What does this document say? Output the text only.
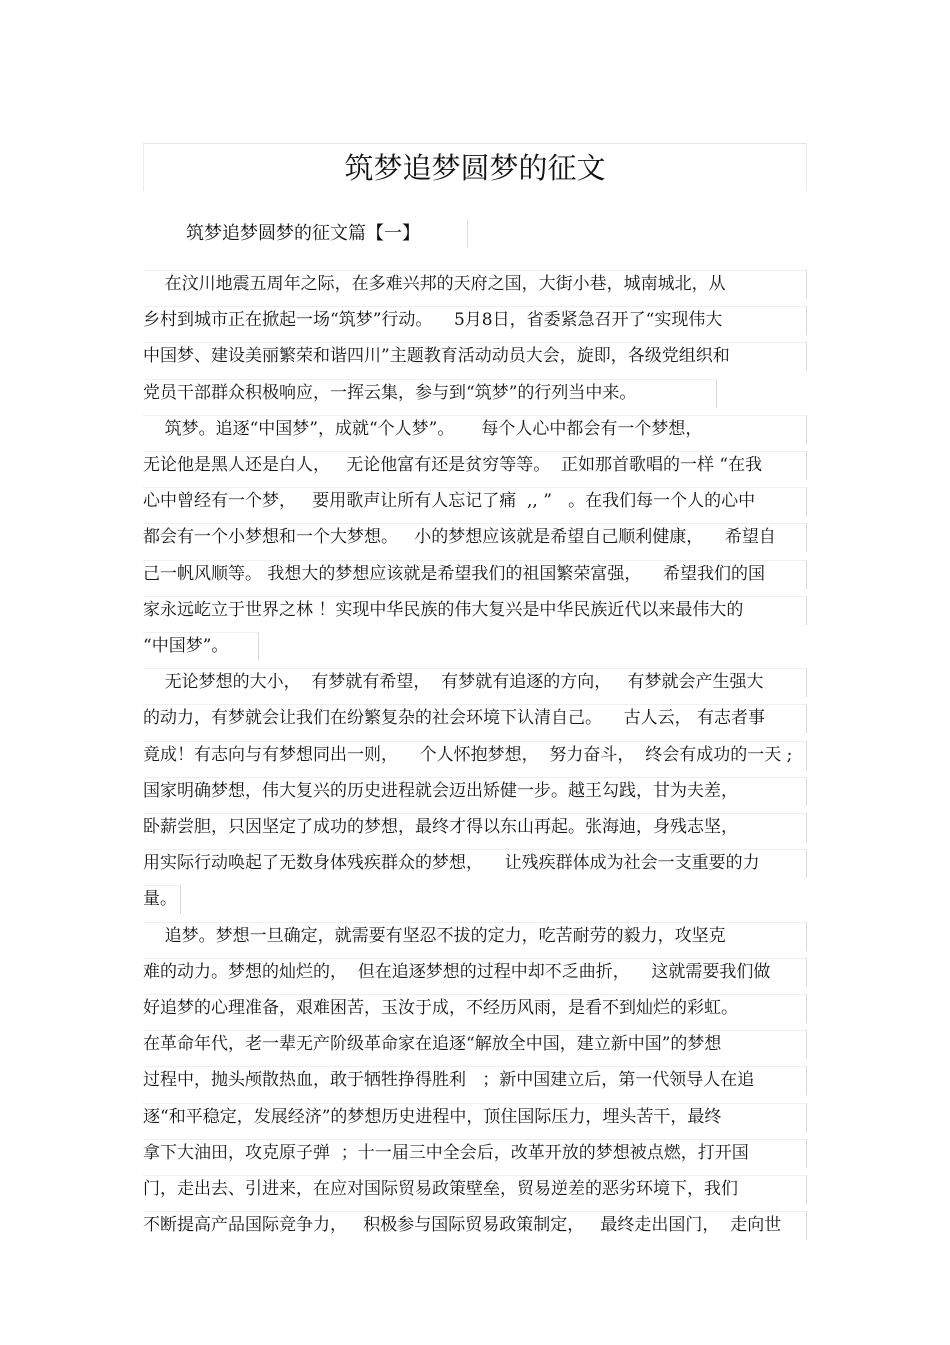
筑梦追梦圆梦的征文
筑梦追梦圆梦的征文篇【一】
在汶川地震五周年之际，在多难兴邦的天府之国，大街小巷，城南城北，从
乡村到城市正在掀起一场“筑梦”行动。    5月8日，省委紧急召开了“实现伟大
中国梦、建设美丽繁荣和谐四川”主题教育活动动员大会，旋即，各级党组织和
党员干部群众积极响应，一挥云集，参与到“筑梦”的行列当中来。
筑梦。追逐“中国梦”，成就“个人梦”。     每个人心中都会有一个梦想，
无论他是黑人还是白人，   无论他富有还是贫穷等等。  正如那首歌唱的一样 “在我
心中曾经有一个梦，   要用歌声让所有人忘记了痛  ,, ”   。在我们每一个人的心中
都会有一个小梦想和一个大梦想。   小的梦想应该就是希望自己顺利健康，    希望自
己一帆风顺等。 我想大的梦想应该就是希望我们的祖国繁荣富强，    希望我们的国
家永远屹立于世界之林 ！实现中华民族的伟大复兴是中华民族近代以来最伟大的
“中国梦”。
无论梦想的大小，  有梦就有希望，  有梦就有追逐的方向，   有梦就会产生强大
的动力，有梦就会让我们在纷繁复杂的社会环境下认清自己。    古人云， 有志者事
竟成！有志向与有梦想同出一则，    个人怀抱梦想，  努力奋斗，  终会有成功的一天 ;
国家明确梦想，伟大复兴的历史进程就会迈出矫健一步。越王勾践，甘为夫差，
卧薪尝胆，只因坚定了成功的梦想，最终才得以东山再起。张海迪，身残志坚，
用实际行动唤起了无数身体残疾群众的梦想，    让残疾群体成为社会一支重要的力
量。
追梦。梦想一旦确定，就需要有坚忍不拔的定力，吃苦耐劳的毅力，攻坚克
难的动力。梦想的灿烂的，  但在追逐梦想的过程中却不乏曲折，    这就需要我们做
好追梦的心理准备，艰难困苦，玉汝于成，不经历风雨，是看不到灿烂的彩虹。
在革命年代，老一辈无产阶级革命家在追逐“解放全中国，建立新中国”的梦想
过程中，抛头颅散热血，敢于牺牲挣得胜利   ；新中国建立后，第一代领导人在追
逐“和平稳定，发展经济”的梦想历史进程中，顶住国际压力，埋头苦干，最终
拿下大油田，攻克原子弹  ；十一届三中全会后，改革开放的梦想被点燃，打开国
门，走出去、引进来，在应对国际贸易政策壁垒，贸易逆差的恶劣环境下，我们
不断提高产品国际竞争力，   积极参与国际贸易政策制定，   最终走出国门，  走向世
